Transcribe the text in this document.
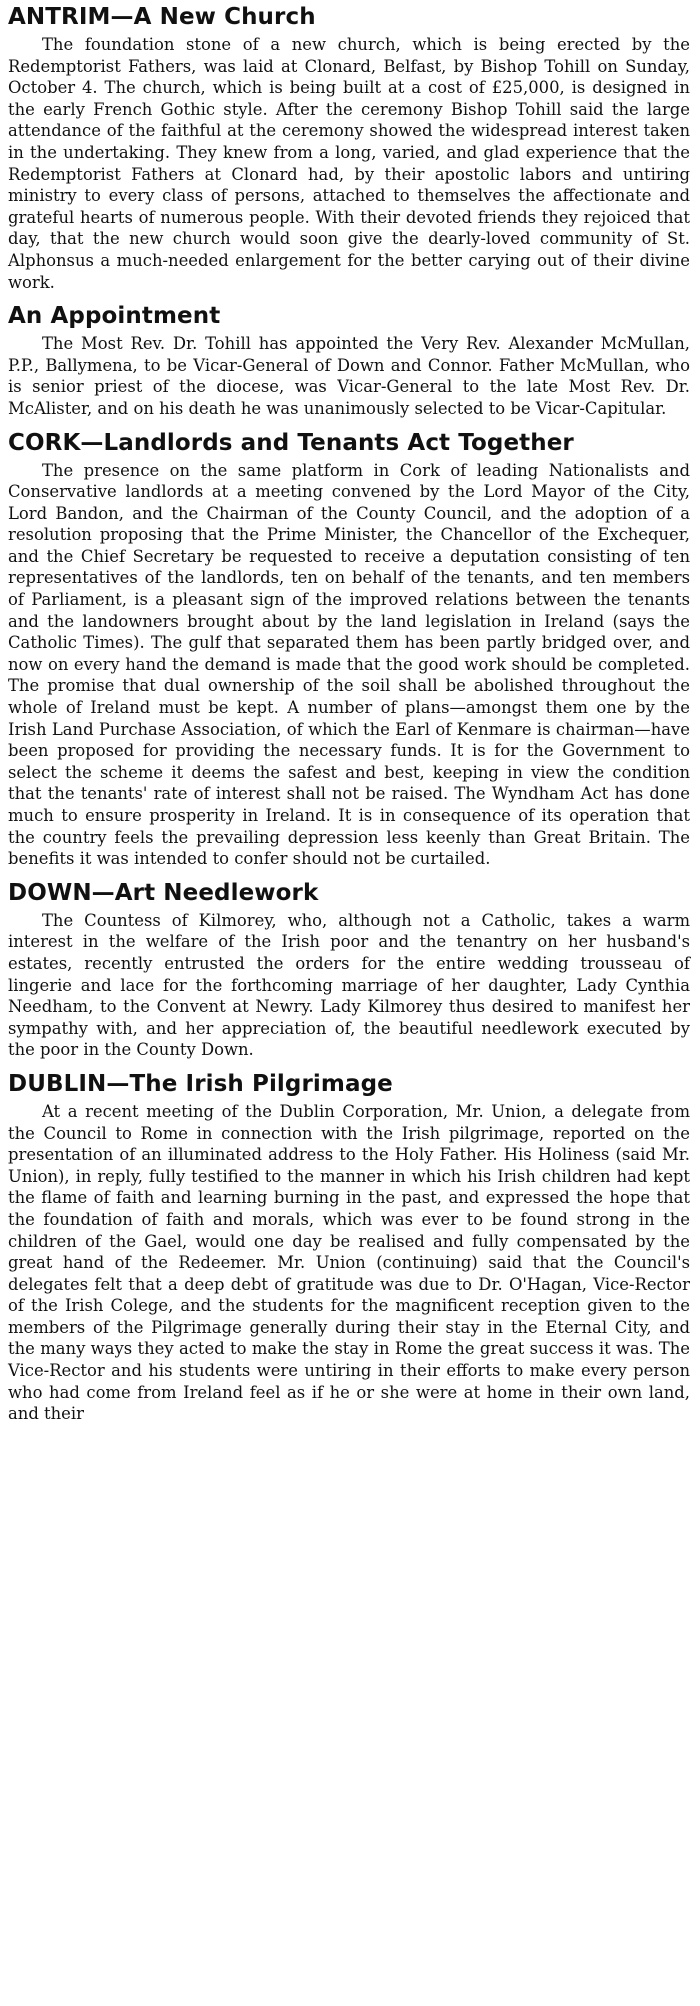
ANTRIM—A New Church

The foundation stone of a new church, which is being erected by the Redemptorist Fathers, was laid at Clonard, Belfast, by Bishop Tohill on Sunday, October 4. The church, which is being built at a cost of £25,000, is designed in the early French Gothic style. After the ceremony Bishop Tohill said the large attendance of the faithful at the ceremony showed the widespread interest taken in the undertaking. They knew from a long, varied, and glad experience that the Redemptorist Fathers at Clonard had, by their apostolic labors and untiring ministry to every class of persons, attached to themselves the affectionate and grateful hearts of numerous people. With their devoted friends they rejoiced that day, that the new church would soon give the dearly-loved community of St. Alphonsus a much-needed enlargement for the better carying out of their divine work.

An Appointment

The Most Rev. Dr. Tohill has appointed the Very Rev. Alexander McMullan, P.P., Ballymena, to be Vicar-General of Down and Connor. Father McMullan, who is senior priest of the diocese, was Vicar-General to the late Most Rev. Dr. McAlister, and on his death he was unanimously selected to be Vicar-Capitular.

CORK—Landlords and Tenants Act Together

The presence on the same platform in Cork of leading Nationalists and Conservative landlords at a meeting convened by the Lord Mayor of the City, Lord Bandon, and the Chairman of the County Council, and the adoption of a resolution proposing that the Prime Minister, the Chancellor of the Exchequer, and the Chief Secretary be requested to receive a deputation consisting of ten representatives of the landlords, ten on behalf of the tenants, and ten members of Parliament, is a pleasant sign of the improved relations between the tenants and the landowners brought about by the land legislation in Ireland (says the Catholic Times). The gulf that separated them has been partly bridged over, and now on every hand the demand is made that the good work should be completed. The promise that dual ownership of the soil shall be abolished throughout the whole of Ireland must be kept. A number of plans—amongst them one by the Irish Land Purchase Association, of which the Earl of Kenmare is chairman—have been proposed for providing the necessary funds. It is for the Government to select the scheme it deems the safest and best, keeping in view the condition that the tenants' rate of interest shall not be raised. The Wyndham Act has done much to ensure prosperity in Ireland. It is in consequence of its operation that the country feels the prevailing depression less keenly than Great Britain. The benefits it was intended to confer should not be curtailed.

DOWN—Art Needlework

The Countess of Kilmorey, who, although not a Catholic, takes a warm interest in the welfare of the Irish poor and the tenantry on her husband's estates, recently entrusted the orders for the entire wedding trousseau of lingerie and lace for the forthcoming marriage of her daughter, Lady Cynthia Needham, to the Convent at Newry. Lady Kilmorey thus desired to manifest her sympathy with, and her appreciation of, the beautiful needlework executed by the poor in the County Down.

DUBLIN—The Irish Pilgrimage

At a recent meeting of the Dublin Corporation, Mr. Union, a delegate from the Council to Rome in connection with the Irish pilgrimage, reported on the presentation of an illuminated address to the Holy Father. His Holiness (said Mr. Union), in reply, fully testified to the manner in which his Irish children had kept the flame of faith and learning burning in the past, and expressed the hope that the foundation of faith and morals, which was ever to be found strong in the children of the Gael, would one day be realised and fully compensated by the great hand of the Redeemer. Mr. Union (continuing) said that the Council's delegates felt that a deep debt of gratitude was due to Dr. O'Hagan, Vice-Rector of the Irish Colege, and the students for the magnificent reception given to the members of the Pilgrimage generally during their stay in the Eternal City, and the many ways they acted to make the stay in Rome the great success it was. The Vice-Rector and his students were untiring in their efforts to make every person who had come from Ireland feel as if he or she were at home in their own land, and their
